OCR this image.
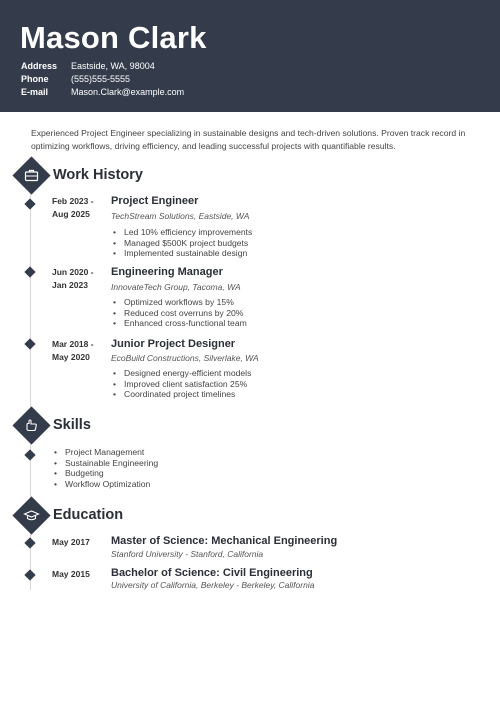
Mason Clark
Address Eastside, WA, 98004
Phone (555)555-5555
E-mail	Mason.Clark@example.com
Experienced Project Engineer specializing in sustainable designs and tech-driven solutions. Proven track record in optimizing workflows, driving efficiency, and leading successful projects with quantifiable results.
Work History
Feb 2023 -
Aug 2025
Project Engineer
TechStream Solutions, Eastside, WA
• Led 10% efficiency improvements
• Managed $500K project budgets
• Implemented sustainable design
Jun 2020 -
Jan 2023
Engineering Manager
InnovateTech Group, Tacoma, WA
• Optimized workflows by 15%
• Reduced cost overruns by 20%
• Enhanced cross-functional team
Mar 2018 -
May 2020
Junior Project Designer
EcoBuild Constructions, Silverlake, WA
• Designed energy-efficient models
• Improved client satisfaction 25%
• Coordinated project timelines
Skills
• Project Management
• Sustainable Engineering
• Budgeting
• Workflow Optimization
Education
May 2017 Master of Science: Mechanical Engineering
Stanford University - Stanford, California
May 2015 Bachelor of Science: Civil Engineering
University of California, Berkeley - Berkeley, California
